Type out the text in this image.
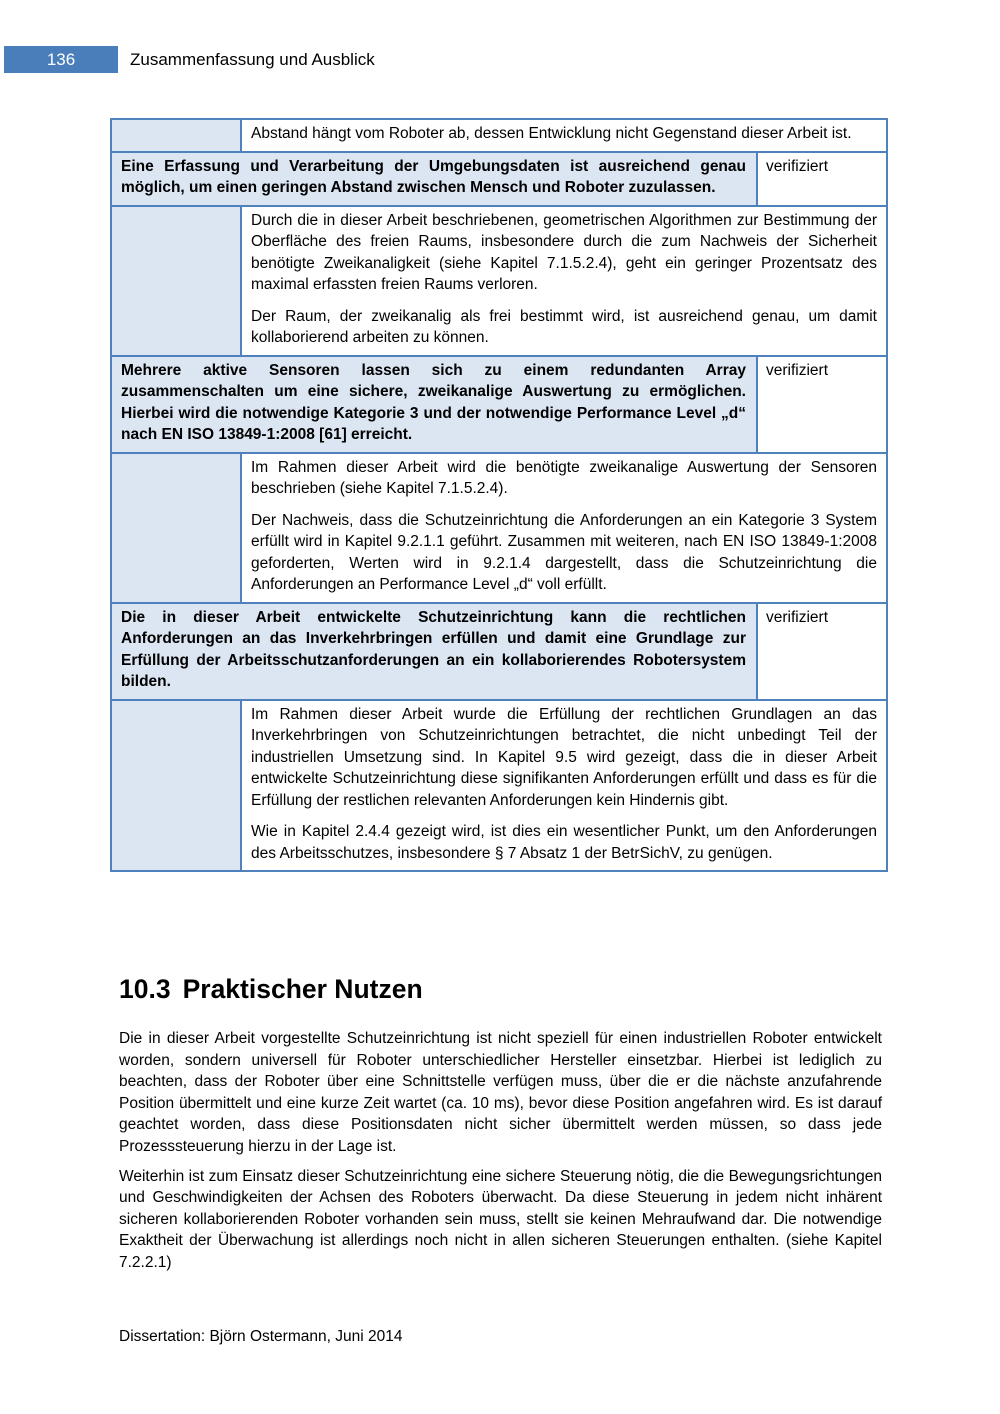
136	Zusammenfassung und Ausblick

	Abstand hängt vom Roboter ab, dessen Entwicklung nicht Gegenstand dieser Arbeit ist.	

Eine Erfassung und Verarbeitung der Umgebungsdaten ist ausreichend genau möglich, um einen geringen Abstand zwischen Mensch und Roboter zuzulassen.		verifiziert

	Durch die in dieser Arbeit beschriebenen, geometrischen Algorithmen zur Bestimmung der Oberfläche des freien Raums, insbesondere durch die zum Nachweis der Sicherheit benötigte Zweikanaligkeit (siehe Kapitel 7.1.5.2.4), geht ein geringer Prozentsatz des maximal erfassten freien Raums verloren.

Der Raum, der zweikanalig als frei bestimmt wird, ist ausreichend genau, um damit kollaborierend arbeiten zu können.	

Mehrere aktive Sensoren lassen sich zu einem redundanten Array zusammenschalten um eine sichere, zweikanalige Auswertung zu ermöglichen. Hierbei wird die notwendige Kategorie 3 und der notwendige Performance Level „d“ nach EN ISO 13849-1:2008 [61] erreicht.		verifiziert

	Im Rahmen dieser Arbeit wird die benötigte zweikanalige Auswertung der Sensoren beschrieben (siehe Kapitel 7.1.5.2.4).

Der Nachweis, dass die Schutzeinrichtung die Anforderungen an ein Kategorie 3 System erfüllt wird in Kapitel 9.2.1.1 geführt. Zusammen mit weiteren, nach EN ISO 13849-1:2008 geforderten, Werten wird in 9.2.1.4 dargestellt, dass die Schutzeinrichtung die Anforderungen an Performance Level „d“ voll erfüllt.	

Die in dieser Arbeit entwickelte Schutzeinrichtung kann die rechtlichen Anforderungen an das Inverkehrbringen erfüllen und damit eine Grundlage zur Erfüllung der Arbeitsschutzanforderungen an ein kollaborierendes Robotersystem bilden.		verifiziert

	Im Rahmen dieser Arbeit wurde die Erfüllung der rechtlichen Grundlagen an das Inverkehrbringen von Schutzeinrichtungen betrachtet, die nicht unbedingt Teil der industriellen Umsetzung sind. In Kapitel 9.5 wird gezeigt, dass die in dieser Arbeit entwickelte Schutzeinrichtung diese signifikanten Anforderungen erfüllt und dass es für die Erfüllung der restlichen relevanten Anforderungen kein Hindernis gibt.

Wie in Kapitel 2.4.4 gezeigt wird, ist dies ein wesentlicher Punkt, um den Anforderungen des Arbeitsschutzes, insbesondere § 7 Absatz 1 der BetrSichV, zu genügen.	

10.3 Praktischer Nutzen

Die in dieser Arbeit vorgestellte Schutzeinrichtung ist nicht speziell für einen industriellen Roboter entwickelt worden, sondern universell für Roboter unterschiedlicher Hersteller einsetzbar. Hierbei ist lediglich zu beachten, dass der Roboter über eine Schnittstelle verfügen muss, über die er die nächste anzufahrende Position übermittelt und eine kurze Zeit wartet (ca. 10 ms), bevor diese Position angefahren wird. Es ist darauf geachtet worden, dass diese Positionsdaten nicht sicher übermittelt werden müssen, so dass jede Prozesssteuerung hierzu in der Lage ist.

Weiterhin ist zum Einsatz dieser Schutzeinrichtung eine sichere Steuerung nötig, die die Bewegungsrichtungen und Geschwindigkeiten der Achsen des Roboters überwacht. Da diese Steuerung in jedem nicht inhärent sicheren kollaborierenden Roboter vorhanden sein muss, stellt sie keinen Mehraufwand dar. Die notwendige Exaktheit der Überwachung ist allerdings noch nicht in allen sicheren Steuerungen enthalten. (siehe Kapitel 7.2.2.1)

Dissertation: Björn Ostermann, Juni 2014
